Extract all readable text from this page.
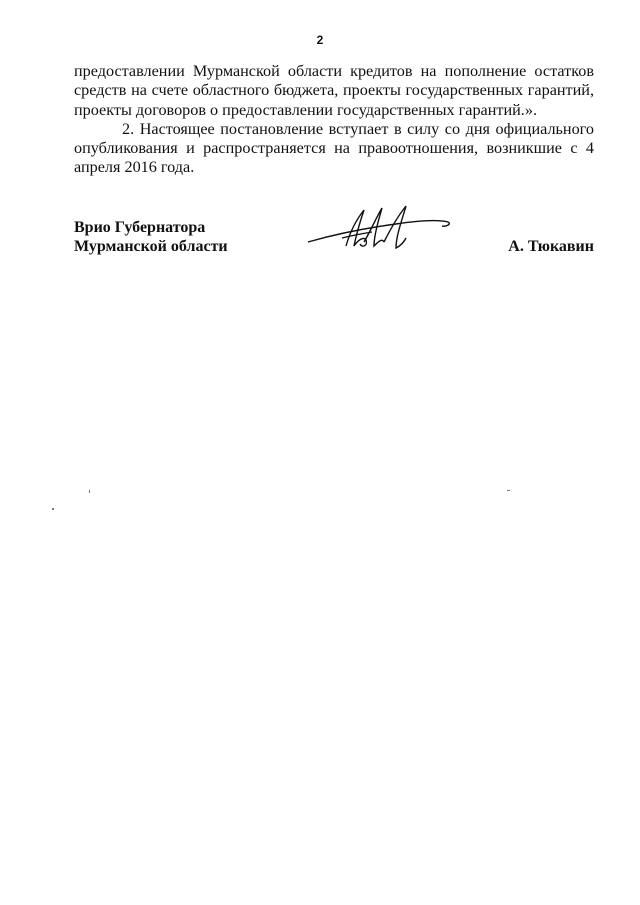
2

предоставлении Мурманской области кредитов на пополнение остатков средств на счете областного бюджета, проекты государственных гарантий, проекты договоров о предоставлении государственных гарантий.».

2. Настоящее постановление вступает в силу со дня официального опубликования и распространяется на правоотношения, возникшие с 4 апреля 2016 года.

Врио Губернатора
Мурманской области	А. Тюкавин
